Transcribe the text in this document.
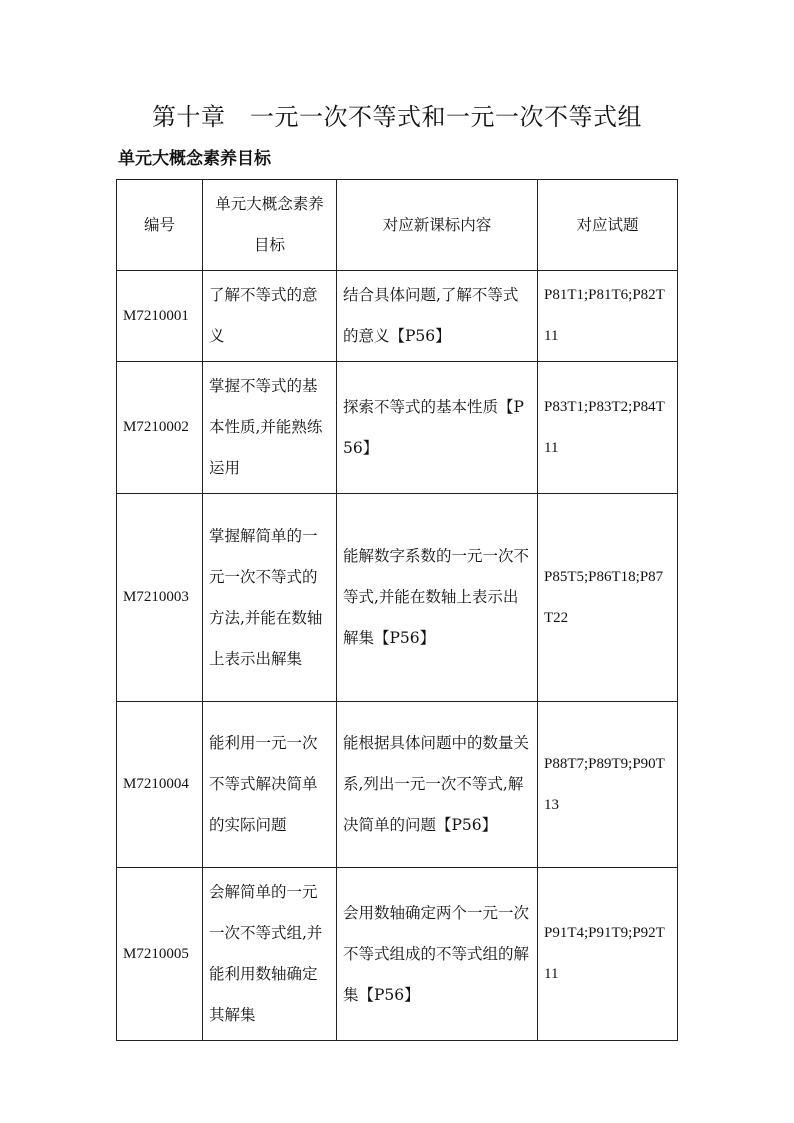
第十章　一元一次不等式和一元一次不等式组
单元大概念素养目标
编号	单元大概念素养目标	对应新课标内容	对应试题
M7210001	了解不等式的意义	结合具体问题,了解不等式的意义【P56】	P81T1;P81T6;P82T11
M7210002	掌握不等式的基本性质,并能熟练运用	探索不等式的基本性质【P56】	P83T1;P83T2;P84T11
M7210003	掌握解简单的一元一次不等式的方法,并能在数轴上表示出解集	能解数字系数的一元一次不等式,并能在数轴上表示出解集【P56】	P85T5;P86T18;P87T22
M7210004	能利用一元一次不等式解决简单的实际问题	能根据具体问题中的数量关系,列出一元一次不等式,解决简单的问题【P56】	P88T7;P89T9;P90T13
M7210005	会解简单的一元一次不等式组,并能利用数轴确定其解集	会用数轴确定两个一元一次不等式组成的不等式组的解集【P56】	P91T4;P91T9;P92T11
